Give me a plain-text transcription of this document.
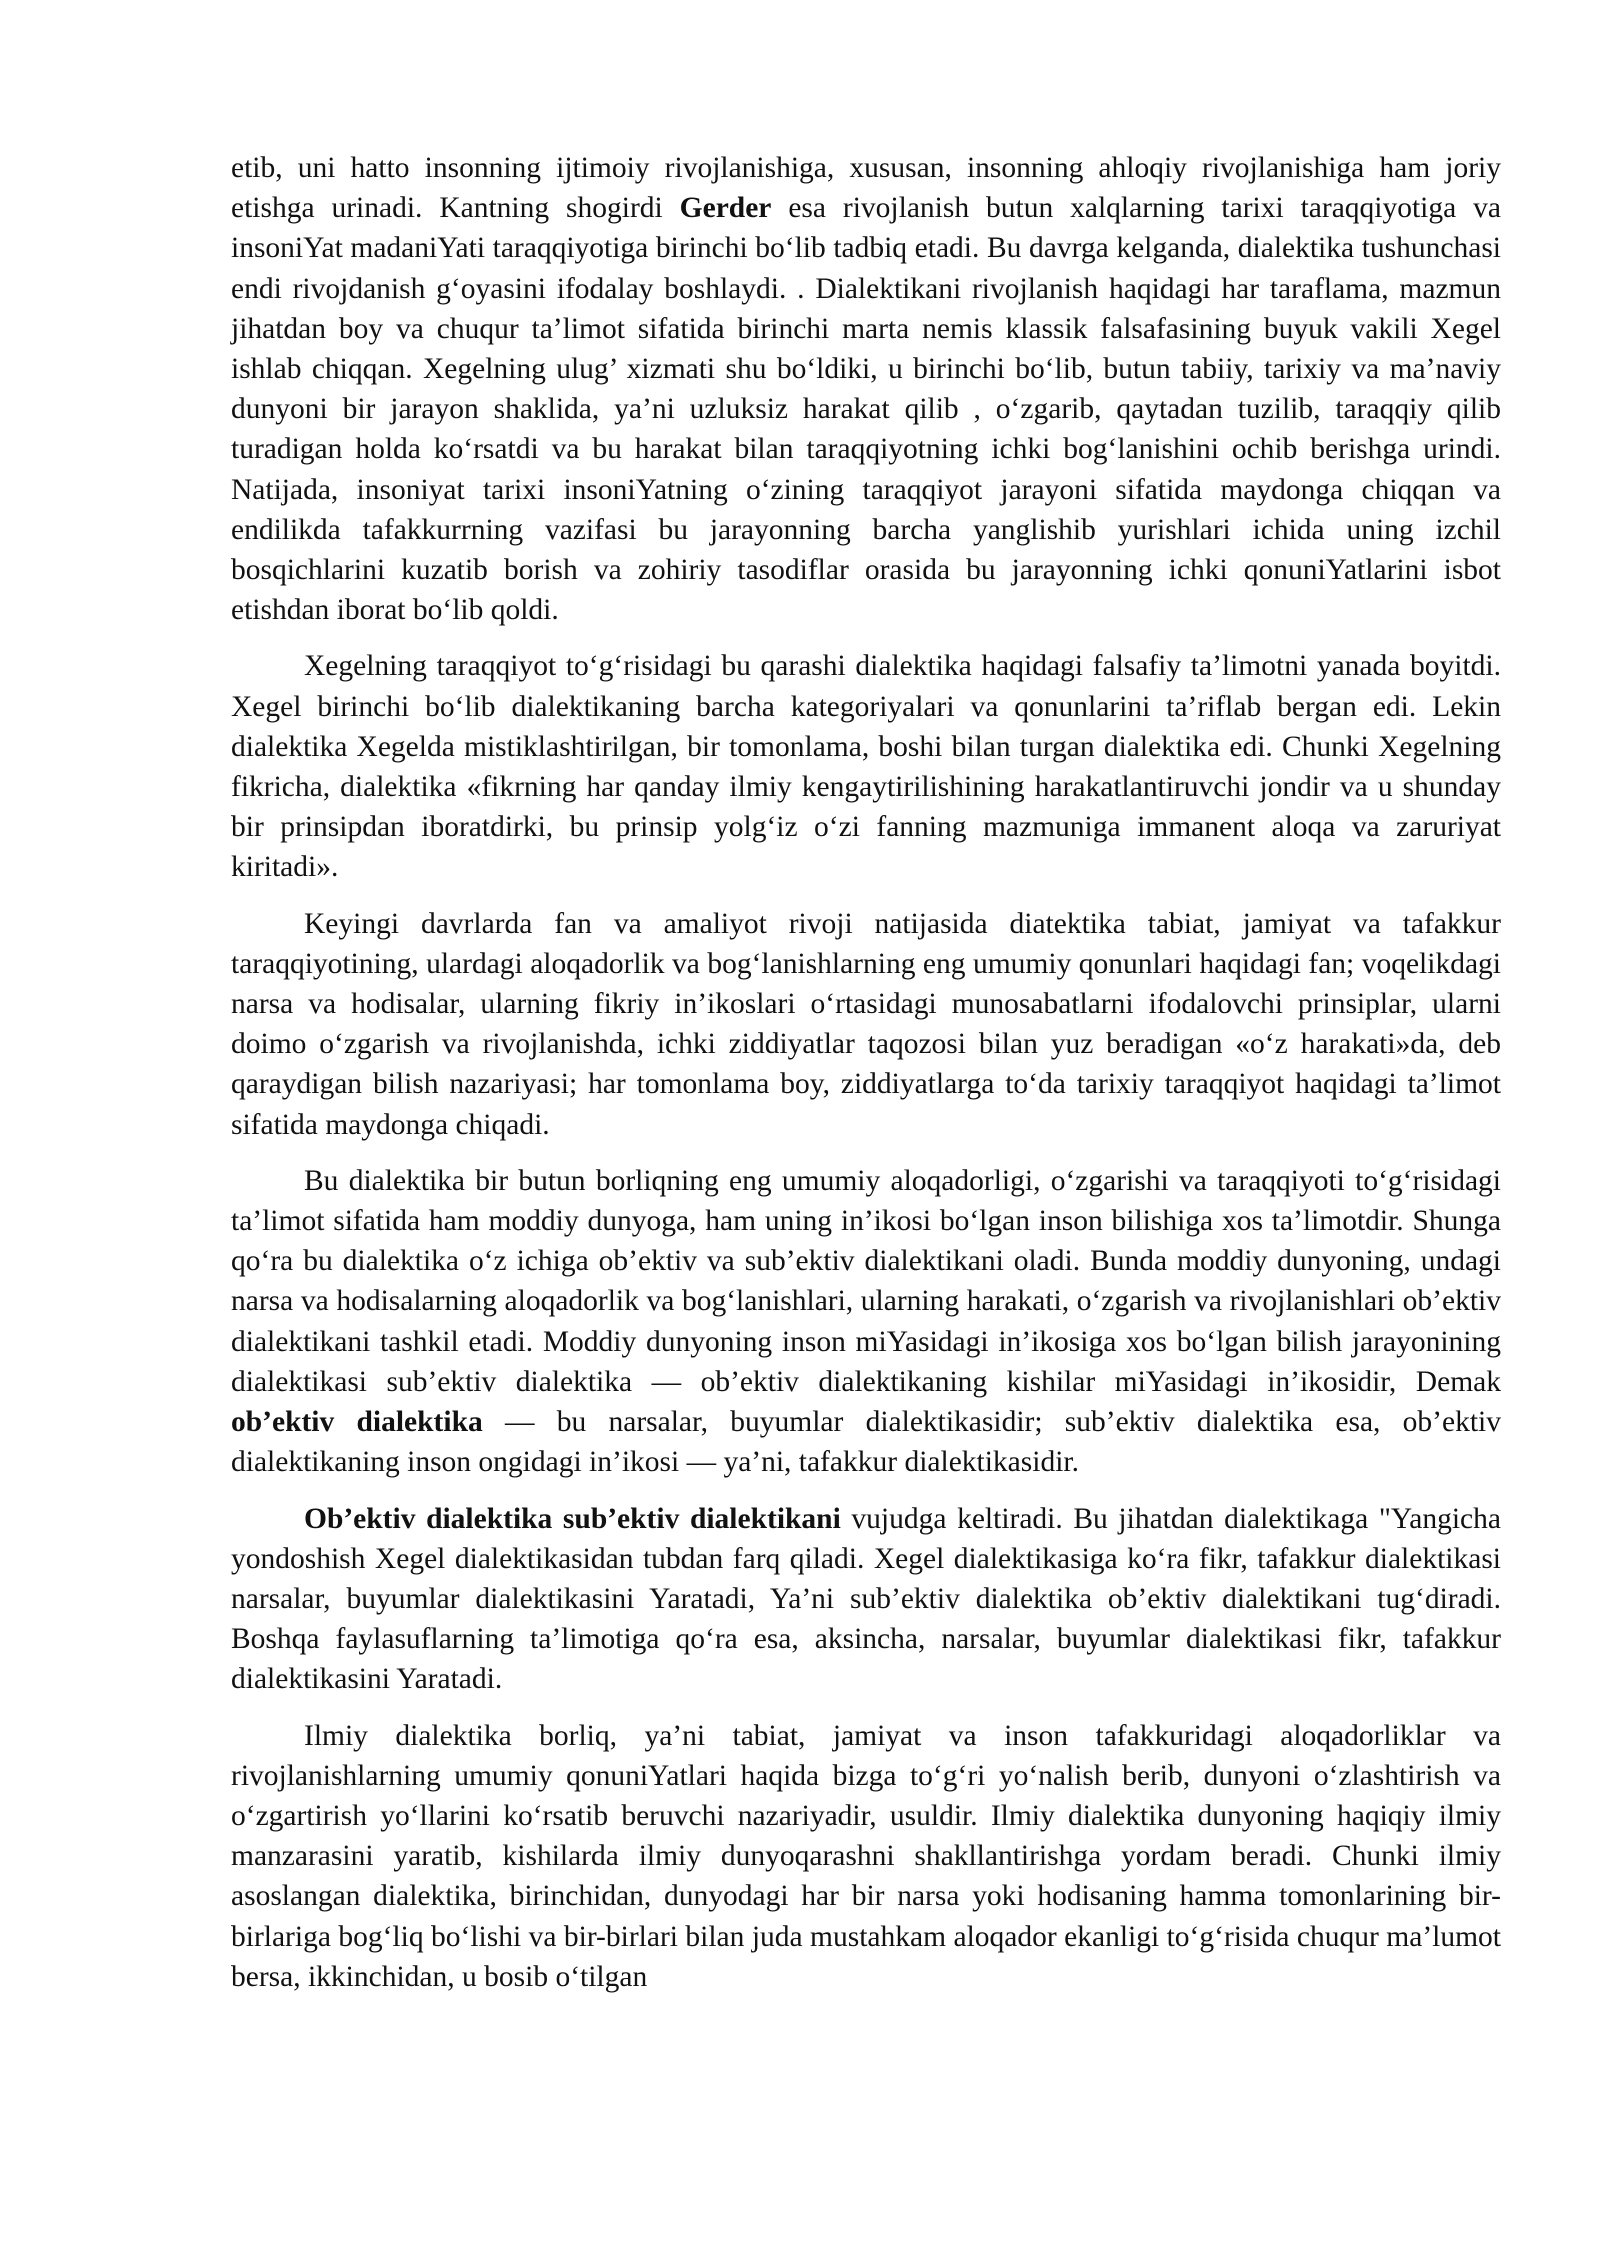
etib, uni hatto insonning ijtimoiy rivojlanishiga, xususan, insonning ahloqiy rivojlanishiga ham joriy etishga urinadi. Kantning shogirdi Gerder esa rivojlanish butun xalqlarning tarixi taraqqiyotiga va insoniYat madaniYati taraqqiyotiga birinchi bo‘lib tadbiq etadi. Bu davrga kelganda, dialektika tushunchasi endi rivojdanish g‘oyasini ifodalay boshlaydi. . Dialektikani rivojlanish haqidagi har taraflama, mazmun jihatdan boy va chuqur ta’limot sifatida birinchi marta nemis klassik falsafasining buyuk vakili Xegel ishlab chiqqan. Xegelning ulug’ xizmati shu bo‘ldiki, u birinchi bo‘lib, butun tabiiy, tarixiy va ma’naviy dunyoni bir jarayon shaklida, ya’ni uzluksiz harakat qilib , o‘zgarib, qaytadan tuzilib, taraqqiy qilib turadigan holda ko‘rsatdi va bu harakat bilan taraqqiyotning ichki bog‘lanishini ochib berishga urindi. Natijada, insoniyat tarixi insoniYatning o‘zining taraqqiyot jarayoni sifatida maydonga chiqqan va endilikda tafakkurrning vazifasi bu jarayonning barcha yanglishib yurishlari ichida uning izchil bosqichlarini kuzatib borish va zohiriy tasodiflar orasida bu jarayonning ichki qonuniYatlarini isbot etishdan iborat bo‘lib qoldi.

Xegelning taraqqiyot to‘g‘risidagi bu qarashi dialektika haqidagi falsafiy ta’limotni yanada boyitdi. Xegel birinchi bo‘lib dialektikaning barcha kategoriyalari va qonunlarini ta’riflab bergan edi. Lekin dialektika Xegelda mistiklashtirilgan, bir tomonlama, boshi bilan turgan dialektika edi. Chunki Xegelning fikricha, dialektika «fikrning har qanday ilmiy kengaytirilishining harakatlantiruvchi jondir va u shunday bir prinsipdan iboratdirki, bu prinsip yolg‘iz o‘zi fanning mazmuniga immanent aloqa va zaruriyat kiritadi».

Keyingi davrlarda fan va amaliyot rivoji natijasida diatektika tabiat, jamiyat va tafakkur taraqqiyotining, ulardagi aloqadorlik va bog‘lanishlarning eng umumiy qonunlari haqidagi fan; voqelikdagi narsa va hodisalar, ularning fikriy in’ikoslari o‘rtasidagi munosabatlarni ifodalovchi prinsiplar, ularni doimo o‘zgarish va rivojlanishda, ichki ziddiyatlar taqozosi bilan yuz beradigan «o‘z harakati»da, deb qaraydigan bilish nazariyasi; har tomonlama boy, ziddiyatlarga to‘da tarixiy taraqqiyot haqidagi ta’limot sifatida maydonga chiqadi.

Bu dialektika bir butun borliqning eng umumiy aloqadorligi, o‘zgarishi va taraqqiyoti to‘g‘risidagi ta’limot sifatida ham moddiy dunyoga, ham uning in’ikosi bo‘lgan inson bilishiga xos ta’limotdir. Shunga qo‘ra bu dialektika o‘z ichiga ob’ektiv va sub’ektiv dialektikani oladi. Bunda moddiy dunyoning, undagi narsa va hodisalarning aloqadorlik va bog‘lanishlari, ularning harakati, o‘zgarish va rivojlanishlari ob’ektiv dialektikani tashkil etadi. Moddiy dunyoning inson miYasidagi in’ikosiga xos bo‘lgan bilish jarayonining dialektikasi sub’ektiv dialektika — ob’ektiv dialektikaning kishilar miYasidagi in’ikosidir, Demak ob’ektiv dialektika — bu narsalar, buyumlar dialektikasidir; sub’ektiv dialektika esa, ob’ektiv dialektikaning inson ongidagi in’ikosi — ya’ni, tafakkur dialektikasidir.

Ob’ektiv dialektika sub’ektiv dialektikani vujudga keltiradi. Bu jihatdan dialektikaga "Yangicha yondoshish Xegel dialektikasidan tubdan farq qiladi. Xegel dialektikasiga ko‘ra fikr, tafakkur dialektikasi narsalar, buyumlar dialektikasini Yaratadi, Ya’ni sub’ektiv dialektika ob’ektiv dialektikani tug‘diradi. Boshqa faylasuflarning ta’limotiga qo‘ra esa, aksincha, narsalar, buyumlar dialektikasi fikr, tafakkur dialektikasini Yaratadi.

Ilmiy dialektika borliq, ya’ni tabiat, jamiyat va inson tafakkuridagi aloqadorliklar va rivojlanishlarning umumiy qonuniYatlari haqida bizga to‘g‘ri yo‘nalish berib, dunyoni o‘zlashtirish va o‘zgartirish yo‘llarini ko‘rsatib beruvchi nazariyadir, usuldir. Ilmiy dialektika dunyoning haqiqiy ilmiy manzarasini yaratib, kishilarda ilmiy dunyoqarashni shakllantirishga yordam beradi. Chunki ilmiy asoslangan dialektika, birinchidan, dunyodagi har bir narsa yoki hodisaning hamma tomonlarining bir-birlariga bog‘liq bo‘lishi va bir-birlari bilan juda mustahkam aloqador ekanligi to‘g‘risida chuqur ma’lumot bersa, ikkinchidan, u bosib o‘tilgan
